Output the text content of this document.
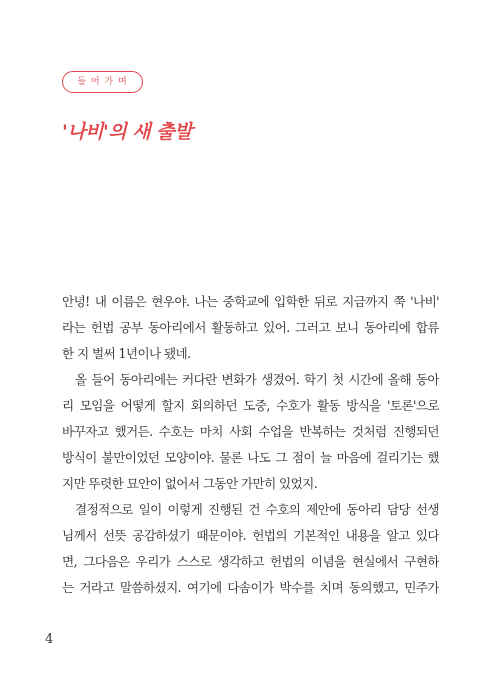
들 어 가 며
'나비'의 새 출발
안녕! 내 이름은 현우야. 나는 중학교에 입학한 뒤로 지금까지 쭉 '나비'
라는 헌법 공부 동아리에서 활동하고 있어. 그러고 보니 동아리에 합류
한 지 벌써 1년이나 됐네.
올 들어 동아리에는 커다란 변화가 생겼어. 학기 첫 시간에 올해 동아
리 모임을 어떻게 할지 회의하던 도중, 수호가 활동 방식을 '토론'으로
바꾸자고 했거든. 수호는 마치 사회 수업을 반복하는 것처럼 진행되던
방식이 불만이었던 모양이야. 물론 나도 그 점이 늘 마음에 걸리기는 했
지만 뚜렷한 묘안이 없어서 그동안 가만히 있었지.
결정적으로 일이 이렇게 진행된 건 수호의 제안에 동아리 담당 선생
님께서 선뜻 공감하셨기 때문이야. 헌법의 기본적인 내용을 알고 있다
면, 그다음은 우리가 스스로 생각하고 헌법의 이념을 현실에서 구현하
는 거라고 말씀하셨지. 여기에 다솜이가 박수를 치며 동의했고, 민주가
4
